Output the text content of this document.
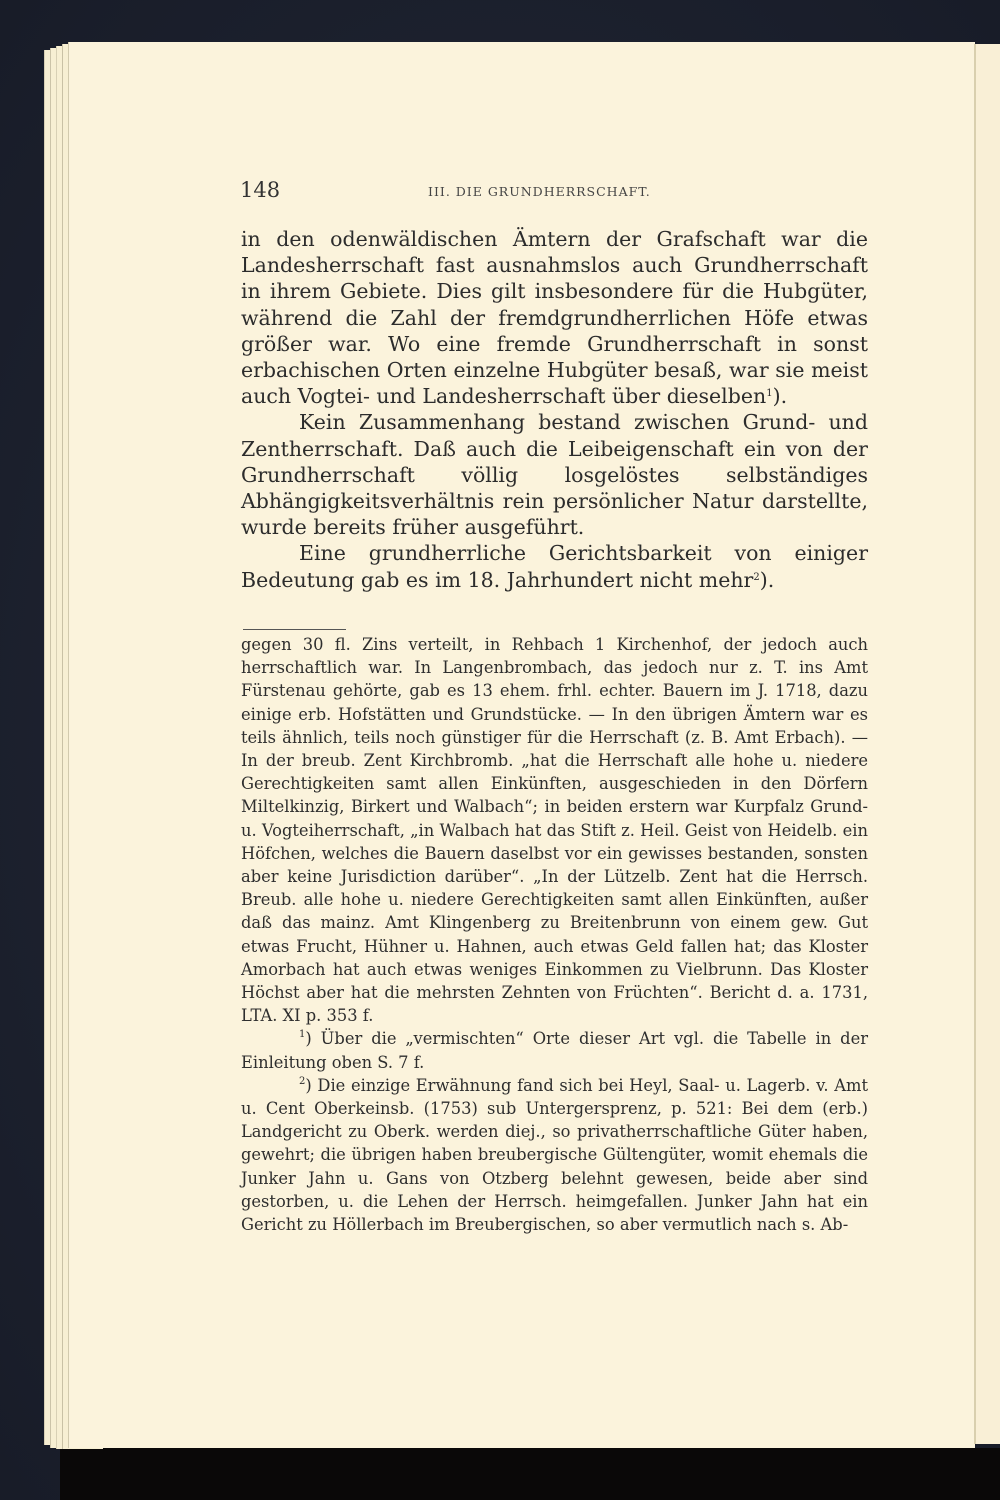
148	III. DIE GRUNDHERRSCHAFT.

in den odenwäldischen Ämtern der Grafschaft war die Landesherrschaft fast ausnahmslos auch Grundherrschaft in ihrem Gebiete. Dies gilt insbesondere für die Hubgüter, während die Zahl der fremdgrundherrlichen Höfe etwas größer war. Wo eine fremde Grundherrschaft in sonst erbachischen Orten einzelne Hubgüter besaß, war sie meist auch Vogtei- und Landesherrschaft über dieselben$^1$).

Kein Zusammenhang bestand zwischen Grund- und Zentherrschaft. Daß auch die Leibeigenschaft ein von der Grundherrschaft völlig losgelöstes selbständiges Abhängigkeitsverhältnis rein persönlicher Natur darstellte, wurde bereits früher ausgeführt.

Eine grundherrliche Gerichtsbarkeit von einiger Bedeutung gab es im 18. Jahrhundert nicht mehr$^2$).

gegen 30 fl. Zins verteilt, in Rehbach 1 Kirchenhof, der jedoch auch herrschaftlich war. In Langenbrombach, das jedoch nur z. T. ins Amt Fürstenau gehörte, gab es 13 ehem. frhl. echter. Bauern im J. 1718, dazu einige erb. Hofstätten und Grundstücke. — In den übrigen Ämtern war es teils ähnlich, teils noch günstiger für die Herrschaft (z. B. Amt Erbach). — In der breub. Zent Kirchbromb. „hat die Herrschaft alle hohe u. niedere Gerechtigkeiten samt allen Einkünften, ausgeschieden in den Dörfern Miltelkinzig, Birkert und Walbach“; in beiden erstern war Kurpfalz Grund- u. Vogteiherrschaft, „in Walbach hat das Stift z. Heil. Geist von Heidelb. ein Höfchen, welches die Bauern daselbst vor ein gewisses bestanden, sonsten aber keine Jurisdiction darüber“. „In der Lützelb. Zent hat die Herrsch. Breub. alle hohe u. niedere Gerechtigkeiten samt allen Einkünften, außer daß das mainz. Amt Klingenberg zu Breitenbrunn von einem gew. Gut etwas Frucht, Hühner u. Hahnen, auch etwas Geld fallen hat; das Kloster Amorbach hat auch etwas weniges Einkommen zu Vielbrunn. Das Kloster Höchst aber hat die mehrsten Zehnten von Früchten“. Bericht d. a. 1731, LTA. XI p. 353 f.

$^1$) Über die „vermischten“ Orte dieser Art vgl. die Tabelle in der Einleitung oben S. 7 f.

$^2$) Die einzige Erwähnung fand sich bei Heyl, Saal- u. Lagerb. v. Amt u. Cent Oberkeinsb. (1753) sub Untergersprenz, p. 521: Bei dem (erb.) Landgericht zu Oberk. werden diej., so privatherrschaftliche Güter haben, gewehrt; die übrigen haben breubergische Gültengüter, womit ehemals die Junker Jahn u. Gans von Otzberg belehnt gewesen, beide aber sind gestorben, u. die Lehen der Herrsch. heimgefallen. Junker Jahn hat ein Gericht zu Höllerbach im Breubergischen, so aber vermutlich nach s. Ab-
